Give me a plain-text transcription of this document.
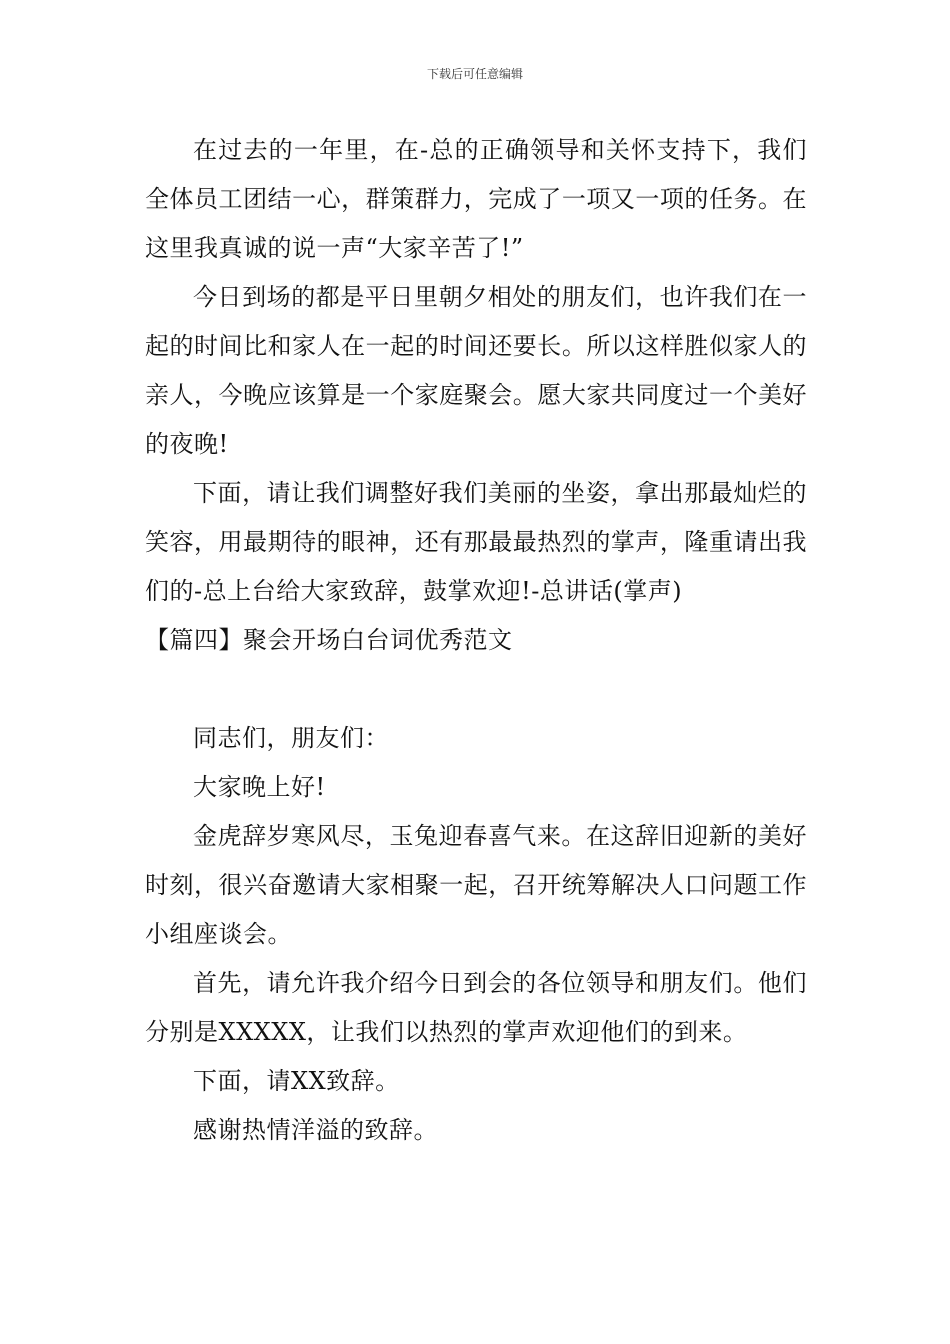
下载后可任意编辑

在过去的一年里，在-总的正确领导和关怀支持下，我们全体员工团结一心，群策群力，完成了一项又一项的任务。在这里我真诚的说一声“大家辛苦了!”

今日到场的都是平日里朝夕相处的朋友们，也许我们在一起的时间比和家人在一起的时间还要长。所以这样胜似家人的亲人，今晚应该算是一个家庭聚会。愿大家共同度过一个美好的夜晚!

下面，请让我们调整好我们美丽的坐姿，拿出那最灿烂的笑容，用最期待的眼神，还有那最最热烈的掌声，隆重请出我们的-总上台给大家致辞，鼓掌欢迎!-总讲话(掌声)

【篇四】聚会开场白台词优秀范文

同志们，朋友们：

大家晚上好!

金虎辞岁寒风尽，玉兔迎春喜气来。在这辞旧迎新的美好时刻，很兴奋邀请大家相聚一起，召开统筹解决人口问题工作小组座谈会。

首先，请允许我介绍今日到会的各位领导和朋友们。他们分别是XXXXX，让我们以热烈的掌声欢迎他们的到来。

下面，请XX致辞。

感谢热情洋溢的致辞。
